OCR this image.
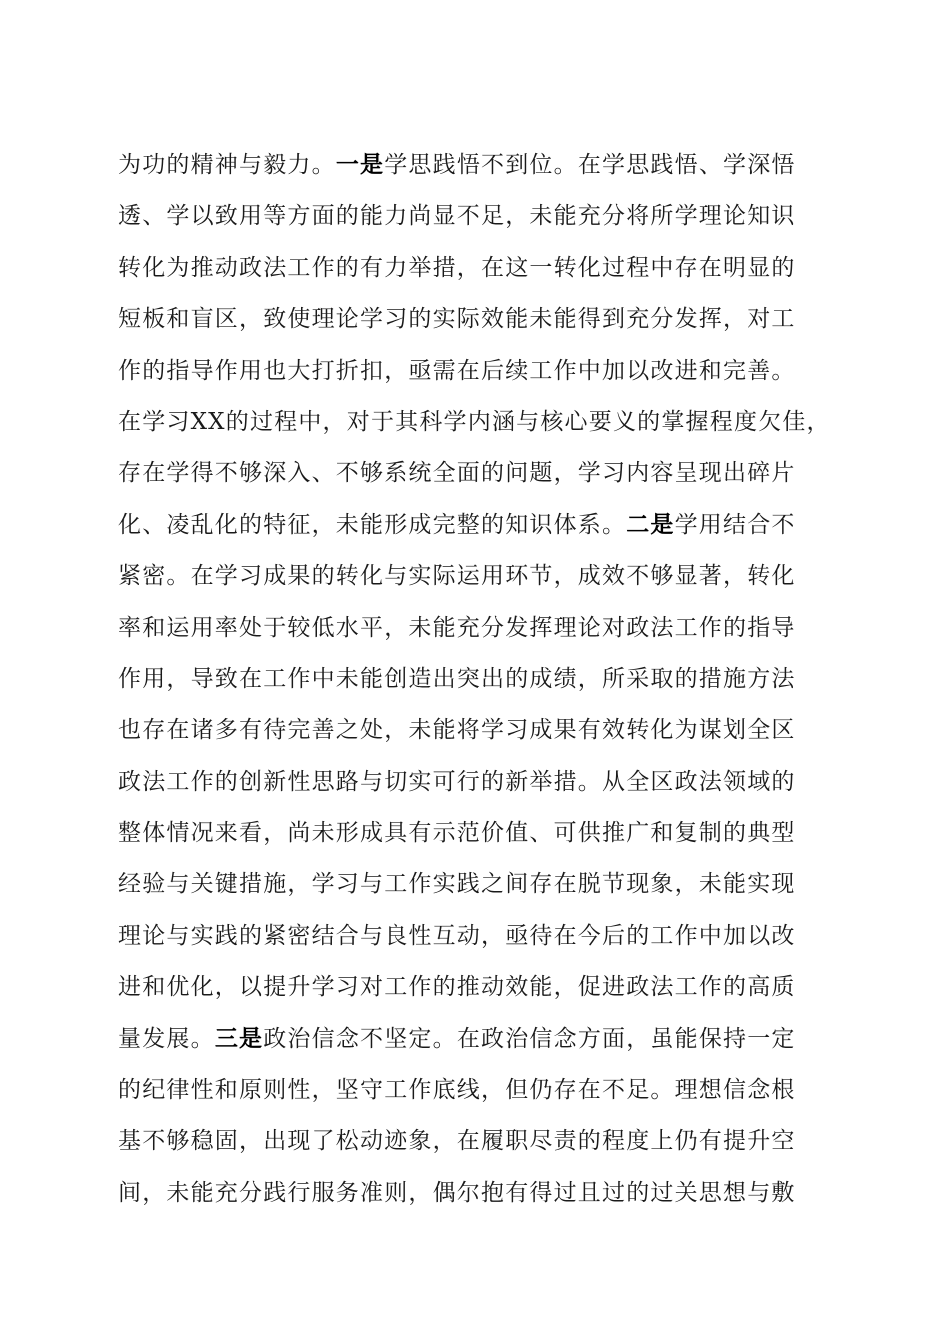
为功的精神与毅力。一是学思践悟不到位。在学思践悟、学深悟
透、学以致用等方面的能力尚显不足，未能充分将所学理论知识
转化为推动政法工作的有力举措，在这一转化过程中存在明显的
短板和盲区，致使理论学习的实际效能未能得到充分发挥，对工
作的指导作用也大打折扣，亟需在后续工作中加以改进和完善。
在学习XX的过程中，对于其科学内涵与核心要义的掌握程度欠佳，
存在学得不够深入、不够系统全面的问题，学习内容呈现出碎片
化、凌乱化的特征，未能形成完整的知识体系。二是学用结合不
紧密。在学习成果的转化与实际运用环节，成效不够显著，转化
率和运用率处于较低水平，未能充分发挥理论对政法工作的指导
作用，导致在工作中未能创造出突出的成绩，所采取的措施方法
也存在诸多有待完善之处，未能将学习成果有效转化为谋划全区
政法工作的创新性思路与切实可行的新举措。从全区政法领域的
整体情况来看，尚未形成具有示范价值、可供推广和复制的典型
经验与关键措施，学习与工作实践之间存在脱节现象，未能实现
理论与实践的紧密结合与良性互动，亟待在今后的工作中加以改
进和优化，以提升学习对工作的推动效能，促进政法工作的高质
量发展。三是政治信念不坚定。在政治信念方面，虽能保持一定
的纪律性和原则性，坚守工作底线，但仍存在不足。理想信念根
基不够稳固，出现了松动迹象，在履职尽责的程度上仍有提升空
间，未能充分践行服务准则，偶尔抱有得过且过的过关思想与敷
